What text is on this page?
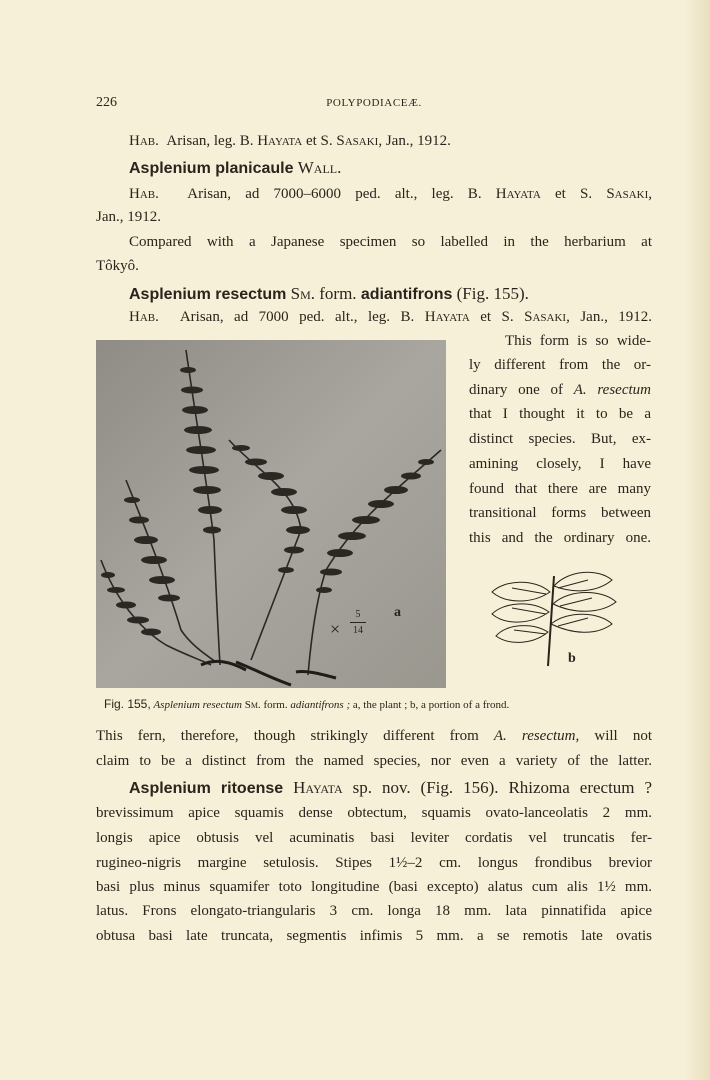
226	POLYPODIACEÆ.
Hab. Arisan, leg. B. Hayata et S. Sasaki, Jan., 1912.
Asplenium planicaule Wall.
Hab. Arisan, ad 7000–6000 ped. alt., leg. B. Hayata et S. Sasaki,
Jan., 1912.
Compared with a Japanese specimen so labelled in the herbarium at
Tôkyô.
Asplenium resectum Sm. form. adiantifrons (Fig. 155).
Hab. Arisan, ad 7000 ped. alt., leg. B. Hayata et S. Sasaki, Jan., 1912.
This form is so wide-
ly different from the or-
dinary one of A. resectum
that I thought it to be a
distinct species. But, ex-
amining closely, I have
found that there are many
transitional forms between
this and the ordinary one.
a
×
5
14
b
Fig. 155, Asplenium resectum Sm. form. adiantifrons ; a, the plant ; b, a portion of a frond.
This fern, therefore, though strikingly different from A. resectum, will not
claim to be a distinct from the named species, nor even a variety of the latter.
Asplenium ritoense Hayata sp. nov. (Fig. 156). Rhizoma erectum ?
brevissimum apice squamis dense obtectum, squamis ovato-lanceolatis 2 mm.
longis apice obtusis vel acuminatis basi leviter cordatis vel truncatis fer-
rugineo-nigris margine setulosis. Stipes 1½–2 cm. longus frondibus brevior
basi plus minus squamifer toto longitudine (basi excepto) alatus cum alis 1½ mm.
latus. Frons elongato-triangularis 3 cm. longa 18 mm. lata pinnatifida apice
obtusa basi late truncata, segmentis infimis 5 mm. a se remotis late ovatis
